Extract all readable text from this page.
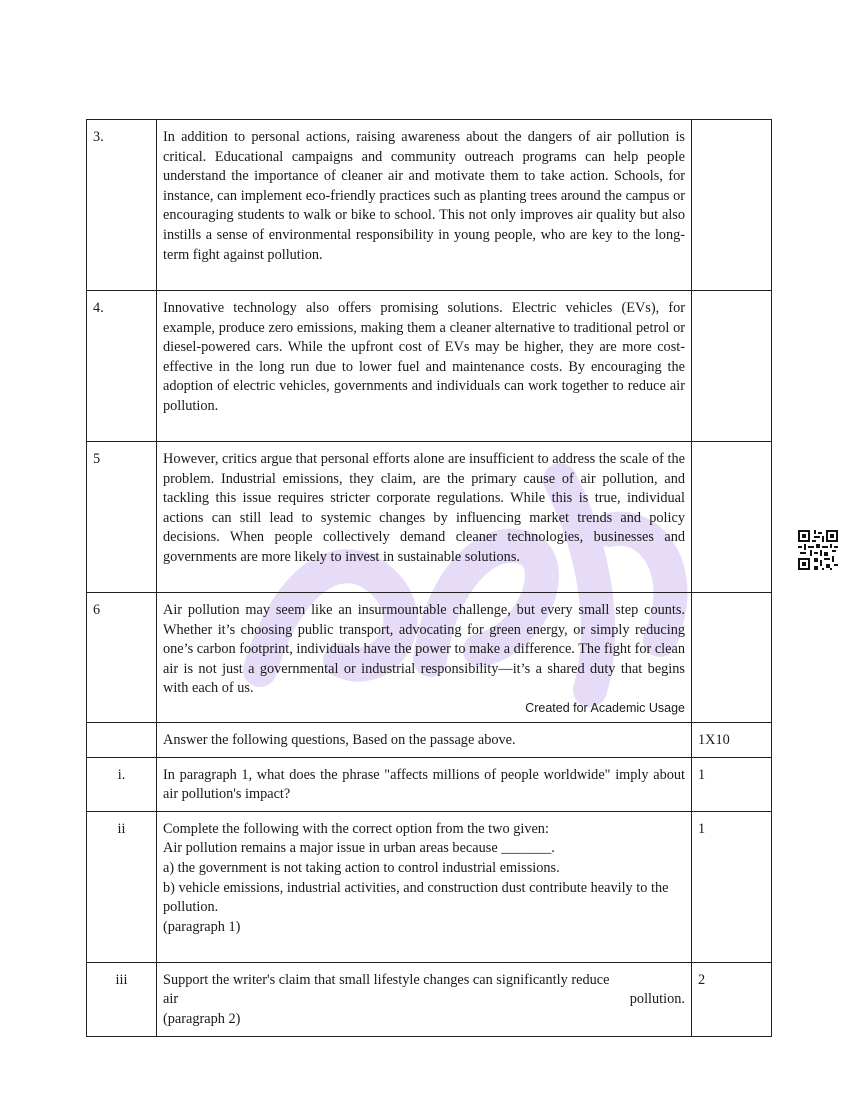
3.	In addition to personal actions, raising awareness about the dangers of air pollution is critical. Educational campaigns and community outreach programs can help people understand the importance of cleaner air and motivate them to take action. Schools, for instance, can implement eco-friendly practices such as planting trees around the campus or encouraging students to walk or bike to school. This not only improves air quality but also instills a sense of environmental responsibility in young people, who are key to the long-term fight against pollution.	
4.	Innovative technology also offers promising solutions. Electric vehicles (EVs), for example, produce zero emissions, making them a cleaner alternative to traditional petrol or diesel-powered cars. While the upfront cost of EVs may be higher, they are more cost-effective in the long run due to lower fuel and maintenance costs. By encouraging the adoption of electric vehicles, governments and individuals can work together to reduce air pollution.	
5	However, critics argue that personal efforts alone are insufficient to address the scale of the problem. Industrial emissions, they claim, are the primary cause of air pollution, and tackling this issue requires stricter corporate regulations. While this is true, individual actions can still lead to systemic changes by influencing market trends and policy decisions. When people collectively demand cleaner technologies, businesses and governments are more likely to invest in sustainable solutions.	
6	Air pollution may seem like an insurmountable challenge, but every small step counts. Whether it’s choosing public transport, advocating for green energy, or simply reducing one’s carbon footprint, individuals have the power to make a difference. The fight for clean air is not just a governmental or industrial responsibility—it’s a shared duty that begins with each of us.
Created for Academic Usage	

	Answer the following questions, Based on the passage above.	1X10
i.	In paragraph 1, what does the phrase "affects millions of people worldwide" imply about air pollution's impact?	1
ii	Complete the following with the correct option from the two given:
Air pollution remains a major issue in urban areas because _______.
a) the government is not taking action to control industrial emissions.
b) vehicle emissions, industrial activities, and construction dust contribute heavily to the pollution.
(paragraph 1)	1
iii	Support the writer's claim that small lifestyle changes can significantly reduce
air pollution.
(paragraph 2)	2
